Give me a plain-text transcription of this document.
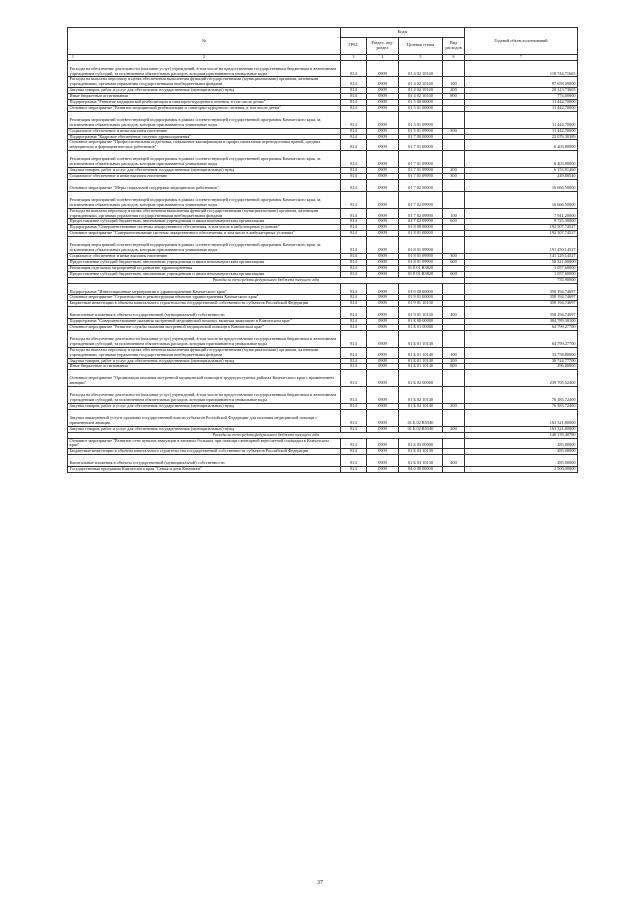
№	Коды				Годовой объем ассигнований
	ГРБС	Раздел, под-раздел	Целевая статья	Вид расходов	

1 2	3	4	5	6	7
Расходы на обеспечение деятельности (оказание услуг) учреждений, в том числе на предоставление государственным бюджетным и автономным учреждениям субсидий, за исключением обязательных расходов, которым присваиваются уникальные коды	814	0909	01 4 02 10140		118 744,71665
Расходы на выплаты персоналу в целях обеспечения выполнения функций государственными (муниципальными) органами, казенными учреждениями, органами управления государственными внебюджетными фондами	814	0909	01 4 02 10140	100	97 658,09000
Закупка товаров, работ и услуг для обеспечения государственных (муниципальных) нужд	814	0909	01 4 02 10140	200	20 313,73665
Иные бюджетные ассигнования	814	0909	01 4 02 10140	800	774,00000
Подпрограмма "Развитие медицинской реабилитации и санаторно-курортного лечения, в том числе детям"	814	0909	01 5 00 00000		11 442,70000
Основное мероприятие "Развитие медицинской реабилитации и санаторно-курортного лечения, в том числе детям"	814	0909	01 5 01 00000		11 442,70000
Реализация мероприятий соответствующей подпрограммы в рамках соответствующей государственной программы Камчатского края, за исключением обязательных расходов, которым присваиваются уникальные коды	814	0909	01 5 01 09990		11 442,70000
Социальное обеспечение и иные выплаты населению	814	0909	01 5 01 09990	300	11 442,70000
Подпрограмма "Кадровое обеспечение системы здравоохранения"	814	0909	01 7 00 00000		23 076,30389
Основное мероприятие "Профессиональная подготовка, повышение квалификации и профессиональная переподготовка врачей, средних медицинских и фармацевтических работников"	814	0909	01 7 01 00000		6 403,80000
Реализация мероприятий соответствующей подпрограммы в рамках соответствующей государственной программы Камчатского края, за исключением обязательных расходов, которым присваиваются уникальные коды	814	0909	01 7 01 09990		6 403,80000
Закупка товаров, работ и услуг для обеспечения государственных (муниципальных) нужд	814	0909	01 7 01 09990	200	6 153,91460
Социальное обеспечение и иные выплаты населению	814	0909	01 7 01 09990	300	249,88540
Основное мероприятие "Меры социальной поддержки медицинских работников"	814	0909	01 7 02 00000		16 666,50000
Реализация мероприятий соответствующей подпрограммы в рамках соответствующей государственной программы Камчатского края, за исключением обязательных расходов, которым присваиваются уникальные коды	814	0909	01 7 02 09990		16 666,50000
Расходы на выплаты персоналу в целях обеспечения выполнения функций государственными (муниципальными) органами, казенными учреждениями, органами управления государственными внебюджетными фондами	814	0909	01 7 02 09990	100	7 941,20000
Предоставление субсидий бюджетным, автономным учреждениям и иным некоммерческим организациям	814	0909	01 7 02 09990	600	8 725,30000
Подпрограмма "Совершенствование системы лекарственного обеспечения, в том числе в амбулаторных условиях"	814	0909	01 8 00 00000		192 507,74527
Основное мероприятие "Совершенствование системы лекарственного обеспечения, в том числе в амбулаторных условиях"	814	0909	01 8 01 00000		192 507,74527
Реализация мероприятий соответствующей подпрограммы в рамках соответствующей государственной программы Камчатского края, за исключением обязательных расходов, которым присваиваются уникальные коды	814	0909	01 8 01 09990		191 450,14527
Социальное обеспечение и иные выплаты населению	814	0909	01 8 01 09990	300	141 129,14527
Предоставление субсидий бюджетным, автономным учреждениям и иным некоммерческим организациям	814	0909	01 8 01 09990	600	50 321,00000
Реализация отдельных мероприятий по развитию здравоохранения	814	0909	01 8 01 R3820		1 057,60000
Предоставление субсидий бюджетным, автономным учреждениям и иным некоммерческим организациям	814	0909	01 8 01 R3820	600	1 057,60000
Расходы за счет средств федерального бюджета текущего года					735,90000
Подпрограмма "Инвестиционные мероприятия в здравоохранении Камчатского края"	814	0909	01 9 00 00000		358 194,74697
Основное мероприятие "Строительство и реконструкция объектов здравоохранения Камчатского края"	814	0909	01 9 01 00000		358 194,74697
Бюджетные инвестиции в объекты капитального строительства государственной собственности субъектов Российской Федерации	814	0909	01 9 01 10130		358 194,74697
Капитальные вложения в объекты государственной (муниципальной) собственности	814	0909	01 9 01 10130	400	358 194,74697
Подпрограмма "Совершенствование оказания экстренной медицинской помощи, включая эвакуацию в Камчатском крае"	814	0909	01 Б 00 00000		304 789,38100
Основное мероприятие "Развитие службы оказания экстренной медицинской помощи в Камчатском крае"	814	0909	01 Б 01 00000		64 799,27700
Расходы на обеспечение деятельности (оказание услуг) учреждений, в том числе на предоставление государственным бюджетным и автономным учреждениям субсидий, за исключением обязательных расходов, которым присваиваются уникальные коды	814	0909	01 Б 01 10140		64 799,27700
Расходы на выплаты персоналу в целях обеспечения выполнения функций государственными (муниципальными) органами, казенными учреждениями, органами управления государственными внебюджетными фондами	814	0909	01 Б 01 10140	100	33 758,80000
Закупка товаров, работ и услуг для обеспечения государственных (муниципальных) нужд	814	0909	01 Б 01 10140	200	30 744,77700
Иные бюджетные ассигнования	814	0909	01 Б 01 10140	800	296,00000
Основное мероприятие "Организация оказания экстренной медицинской помощи в труднодоступных районах Камчатского края с применением авиации"	814	0909	01 Б 02 00000		239 705,52400
Расходы на обеспечение деятельности (оказание услуг) учреждений, в том числе на предоставление государственным бюджетным и автономным учреждениям субсидий, за исключением обязательных расходов, которым присваиваются уникальные коды	814	0909	01 Б 02 10140		76 383,72400
Закупка товаров, работ и услуг для обеспечения государственных (муниципальных) нужд	814	0909	01 Б 02 10140	200	76 383,72400
Закупка авиационной услуги органами государственной власти субъектов Российской Федерации для оказания медицинской помощи с применением авиации	814	0909	01 Б 02 R5540		163 321,80000
Закупка товаров, работ и услуг для обеспечения государственных (муниципальных) нужд	814	0909	01 Б 02 R5540	200	163 321,80000
Расходы за счет средств федерального бюджета текущего года					148 139,40780
Основное мероприятие "Развитие сети пунктов эвакуации в таежных больших при помощи санитарной вертолетной площадки в Камчатском крае"	814	0909	01 Б 03 00000		285,00000
Бюджетные инвестиции в объекты капитального строительства государственной собственности субъектов Российской Федерации	814	0909	01 Б 03 10130		285,00000
Капитальные вложения в объекты государственной (муниципальной) собственности	814	0909	01 Б 03 10130	400	285,00000
Государственная программа Камчатского края "Семья и дети Камчатки"	814	0909	04 0 00 00000		2 500,00000
37
